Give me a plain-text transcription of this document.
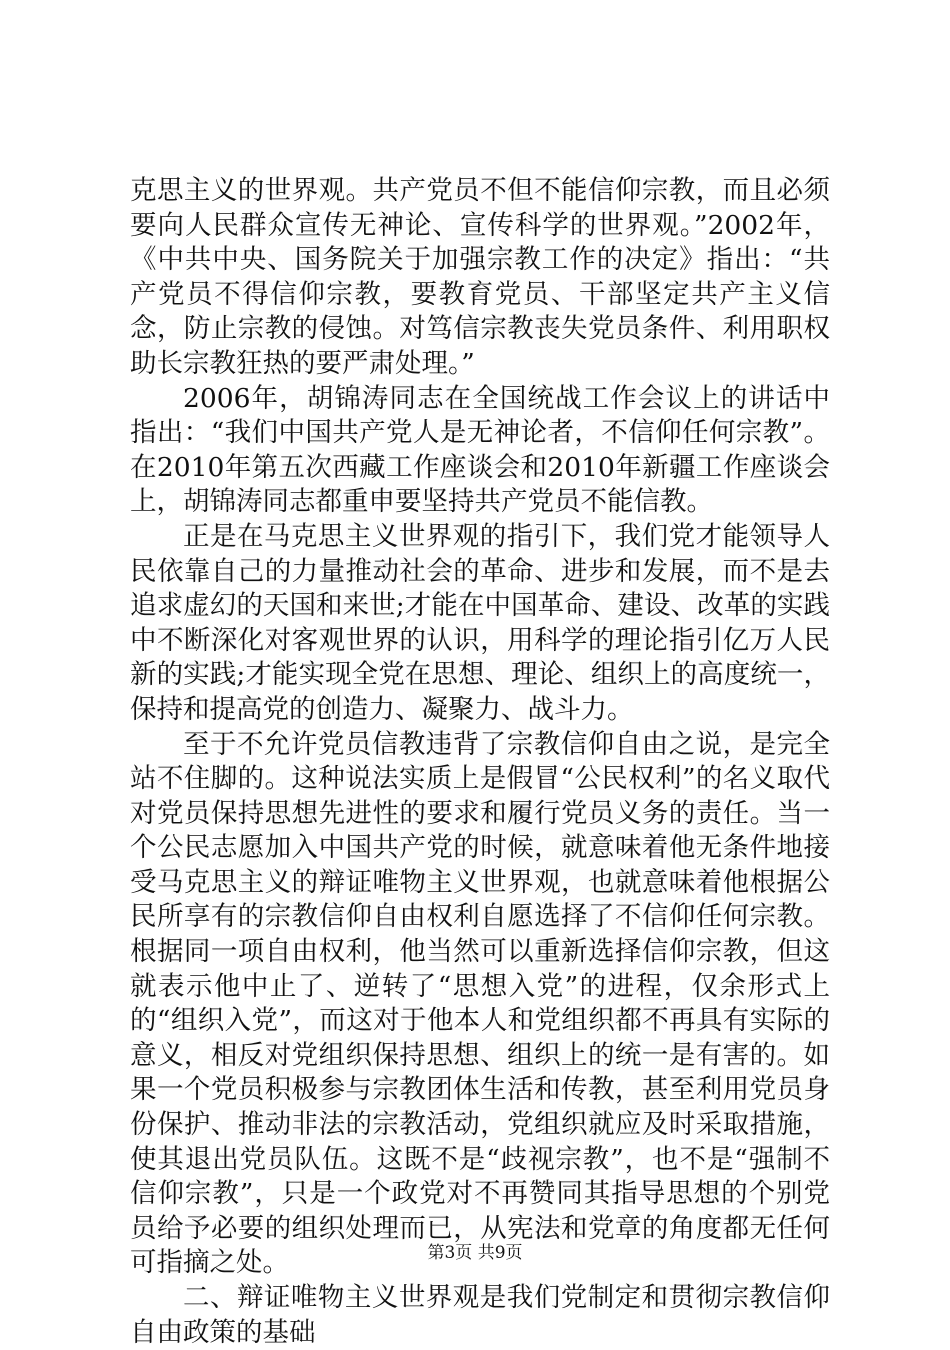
克思主义的世界观。共产党员不但不能信仰宗教，而且必须要向人民群众宣传无神论、宣传科学的世界观。”2002年，《中共中央、国务院关于加强宗教工作的决定》指出：“共产党员不得信仰宗教，要教育党员、干部坚定共产主义信念，防止宗教的侵蚀。对笃信宗教丧失党员条件、利用职权助长宗教狂热的要严肃处理。”

2006年，胡锦涛同志在全国统战工作会议上的讲话中指出：“我们中国共产党人是无神论者，不信仰任何宗教”。在2010年第五次西藏工作座谈会和2010年新疆工作座谈会上，胡锦涛同志都重申要坚持共产党员不能信教。

正是在马克思主义世界观的指引下，我们党才能领导人民依靠自己的力量推动社会的革命、进步和发展，而不是去追求虚幻的天国和来世;才能在中国革命、建设、改革的实践中不断深化对客观世界的认识，用科学的理论指引亿万人民新的实践;才能实现全党在思想、理论、组织上的高度统一，保持和提高党的创造力、凝聚力、战斗力。

至于不允许党员信教违背了宗教信仰自由之说，是完全站不住脚的。这种说法实质上是假冒“公民权利”的名义取代对党员保持思想先进性的要求和履行党员义务的责任。当一个公民志愿加入中国共产党的时候，就意味着他无条件地接受马克思主义的辩证唯物主义世界观，也就意味着他根据公民所享有的宗教信仰自由权利自愿选择了不信仰任何宗教。根据同一项自由权利，他当然可以重新选择信仰宗教，但这就表示他中止了、逆转了“思想入党”的进程，仅余形式上的“组织入党”，而这对于他本人和党组织都不再具有实际的意义，相反对党组织保持思想、组织上的统一是有害的。如果一个党员积极参与宗教团体生活和传教，甚至利用党员身份保护、推动非法的宗教活动，党组织就应及时采取措施，使其退出党员队伍。这既不是“歧视宗教”，也不是“强制不信仰宗教”，只是一个政党对不再赞同其指导思想的个别党员给予必要的组织处理而已，从宪法和党章的角度都无任何可指摘之处。

二、辩证唯物主义世界观是我们党制定和贯彻宗教信仰自由政策的基础

第3页 共9页
